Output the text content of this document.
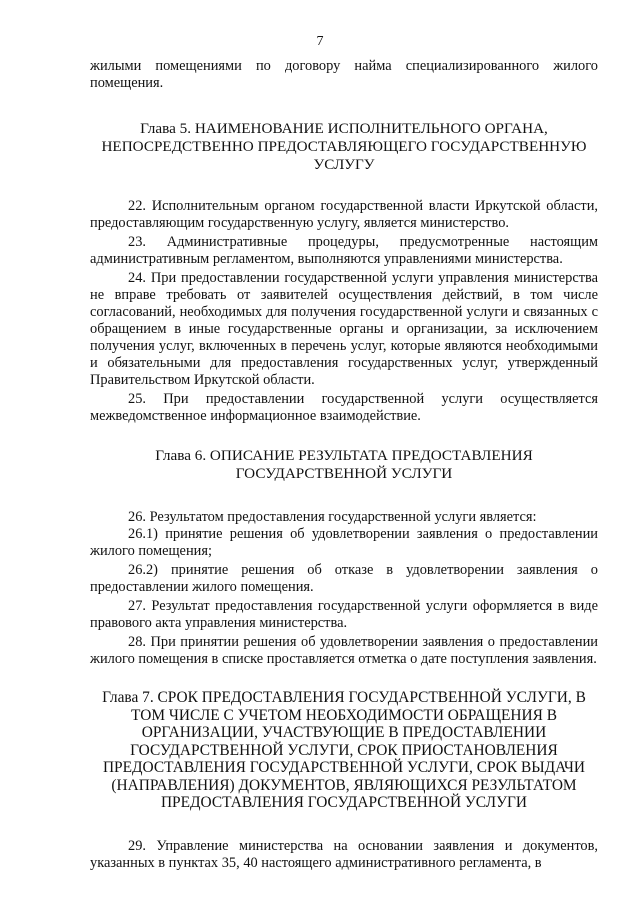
7

жилыми помещениями по договору найма специализированного жилого помещения.

Глава 5. НАИМЕНОВАНИЕ ИСПОЛНИТЕЛЬНОГО ОРГАНА, НЕПОСРЕДСТВЕННО ПРЕДОСТАВЛЯЮЩЕГО ГОСУДАРСТВЕННУЮ УСЛУГУ

22. Исполнительным органом государственной власти Иркутской области, предоставляющим государственную услугу, является министерство.

23. Административные процедуры, предусмотренные настоящим административным регламентом, выполняются управлениями министерства.

24. При предоставлении государственной услуги управления министерства не вправе требовать от заявителей осуществления действий, в том числе согласований, необходимых для получения государственной услуги и связанных с обращением в иные государственные органы и организации, за исключением получения услуг, включенных в перечень услуг, которые являются необходимыми и обязательными для предоставления государственных услуг, утвержденный Правительством Иркутской области.

25. При предоставлении государственной услуги осуществляется межведомственное информационное взаимодействие.

Глава 6. ОПИСАНИЕ РЕЗУЛЬТАТА ПРЕДОСТАВЛЕНИЯ ГОСУДАРСТВЕННОЙ УСЛУГИ

26. Результатом предоставления государственной услуги является:

26.1) принятие решения об удовлетворении заявления о предоставлении жилого помещения;

26.2) принятие решения об отказе в удовлетворении заявления о предоставлении жилого помещения.

27. Результат предоставления государственной услуги оформляется в виде правового акта управления министерства.

28. При принятии решения об удовлетворении заявления о предоставлении жилого помещения в списке проставляется отметка о дате поступления заявления.

Глава 7. СРОК ПРЕДОСТАВЛЕНИЯ ГОСУДАРСТВЕННОЙ УСЛУГИ, В ТОМ ЧИСЛЕ С УЧЕТОМ НЕОБХОДИМОСТИ ОБРАЩЕНИЯ В ОРГАНИЗАЦИИ, УЧАСТВУЮЩИЕ В ПРЕДОСТАВЛЕНИИ ГОСУДАРСТВЕННОЙ УСЛУГИ, СРОК ПРИОСТАНОВЛЕНИЯ ПРЕДОСТАВЛЕНИЯ ГОСУДАРСТВЕННОЙ УСЛУГИ, СРОК ВЫДАЧИ (НАПРАВЛЕНИЯ) ДОКУМЕНТОВ, ЯВЛЯЮЩИХСЯ РЕЗУЛЬТАТОМ ПРЕДОСТАВЛЕНИЯ ГОСУДАРСТВЕННОЙ УСЛУГИ

29. Управление министерства на основании заявления и документов, указанных в пунктах 35, 40 настоящего административного регламента, в
